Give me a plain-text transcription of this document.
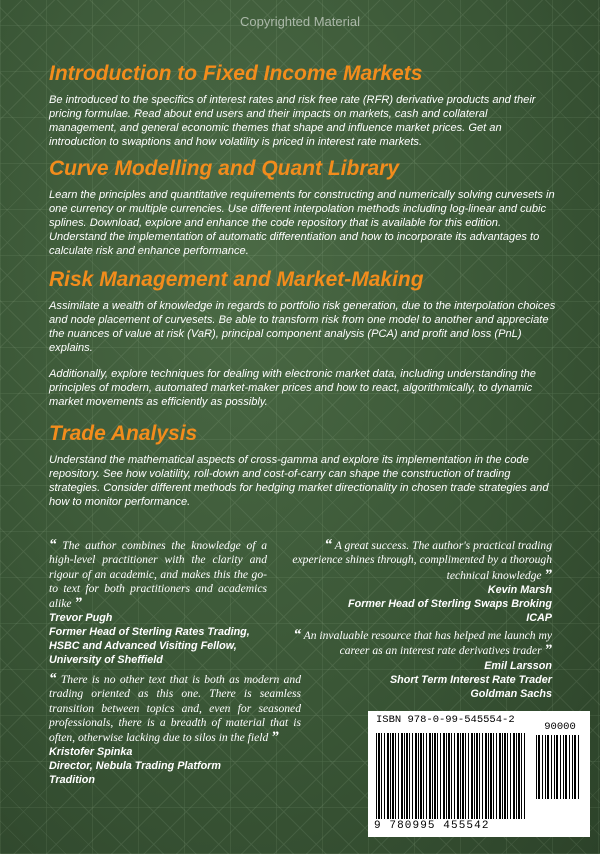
Copyrighted Material
Introduction to Fixed Income Markets

Be introduced to the specifics of interest rates and risk free rate (RFR) derivative products and their pricing formulae. Read about end users and their impacts on markets, cash and collateral management, and general economic themes that shape and influence market prices. Get an introduction to swaptions and how volatility is priced in interest rate markets.

Curve Modelling and Quant Library

Learn the principles and quantitative requirements for constructing and numerically solving curvesets in one currency or multiple currencies. Use different interpolation methods including log-linear and cubic splines. Download, explore and enhance the code repository that is available for this edition. Understand the implementation of automatic differentiation and how to incorporate its advantages to calculate risk and enhance performance.

Risk Management and Market-Making

Assimilate a wealth of knowledge in regards to portfolio risk generation, due to the interpolation choices and node placement of curvesets. Be able to transform risk from one model to another and appreciate the nuances of value at risk (VaR), principal component analysis (PCA) and profit and loss (PnL) explains.

Additionally, explore techniques for dealing with electronic market data, including understanding the principles of modern, automated market-maker prices and how to react, algorithmically, to dynamic market movements as efficiently as possibly.

Trade Analysis

Understand the mathematical aspects of cross-gamma and explore its implementation in the code repository. See how volatility, roll-down and cost-of-carry can shape the construction of trading strategies. Consider different methods for hedging market directionality in chosen trade strategies and how to monitor performance.

“ The author combines the knowledge of a high-level practitioner with the clarity and rigour of an academic, and makes this the go-to text for both practitioners and academics alike ”

Trevor Pugh

Former Head of Sterling Rates Trading,

HSBC and Advanced Visiting Fellow,

University of Sheffield

“ A great success. The author's practical trading experience shines through, complimented by a thorough technical knowledge ”

Kevin Marsh

Former Head of Sterling Swaps Broking

ICAP

“ An invaluable resource that has helped me launch my career as an interest rate derivatives trader ”

Emil Larsson

Short Term Interest Rate Trader

Goldman Sachs

“ There is no other text that is both as modern and trading oriented as this one. There is seamless transition between topics and, even for seasoned professionals, there is a breadth of material that is often, otherwise lacking due to silos in the field ”

Kristofer Spinka

Director, Nebula Trading Platform

Tradition

ISBN 978-0-99-545554-2
90000
9 780995 455542
